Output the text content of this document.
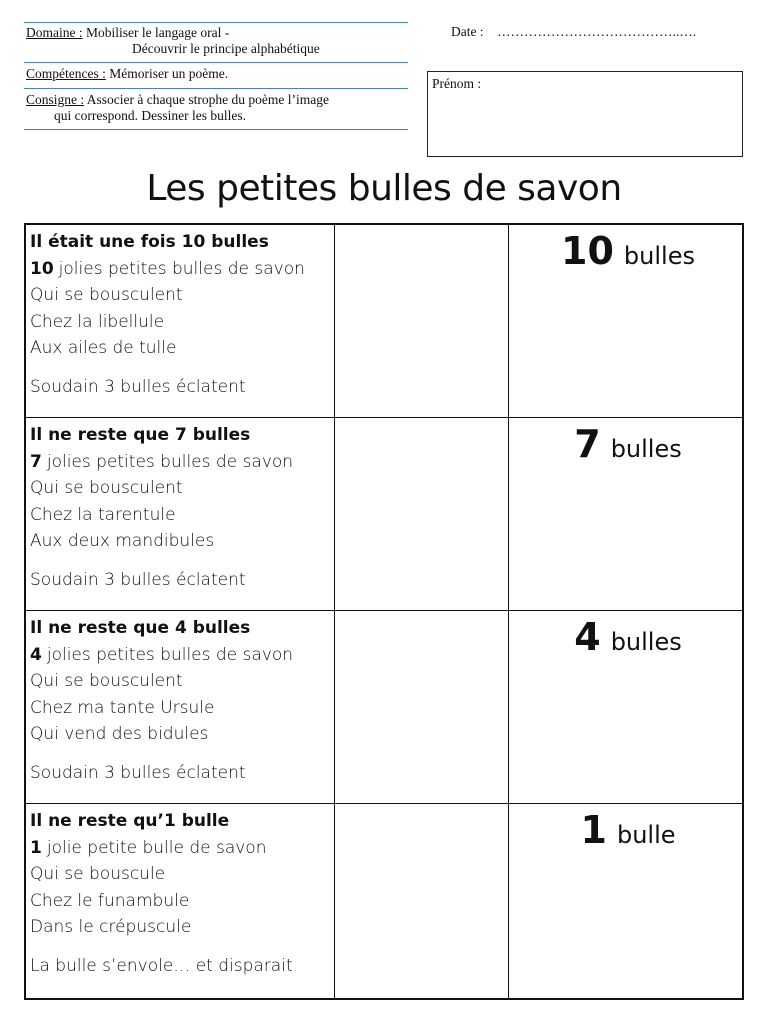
Domaine : Mobiliser le langage oral -
Découvrir le principe alphabétique
Compétences : Mémoriser un poème.
Consigne : Associer à chaque strophe du poème l’image
qui correspond. Dessiner les bulles.
Date : …………………………………..….
Prénom :
Les petites bulles de savon
Il était une fois 10 bulles
10 jolies petites bulles de savon
Qui se bousculent
Chez la libellule
Aux ailes de tulle
Soudain 3 bulles éclatent
10 bulles
Il ne reste que 7 bulles
7 jolies petites bulles de savon
Qui se bousculent
Chez la tarentule
Aux deux mandibules
Soudain 3 bulles éclatent
7 bulles
Il ne reste que 4 bulles
4 jolies petites bulles de savon
Qui se bousculent
Chez ma tante Ursule
Qui vend des bidules
Soudain 3 bulles éclatent
4 bulles
Il ne reste qu’1 bulle
1 jolie petite bulle de savon
Qui se bouscule
Chez le funambule
Dans le crépuscule
La bulle s’envole… et disparait
1 bulle
